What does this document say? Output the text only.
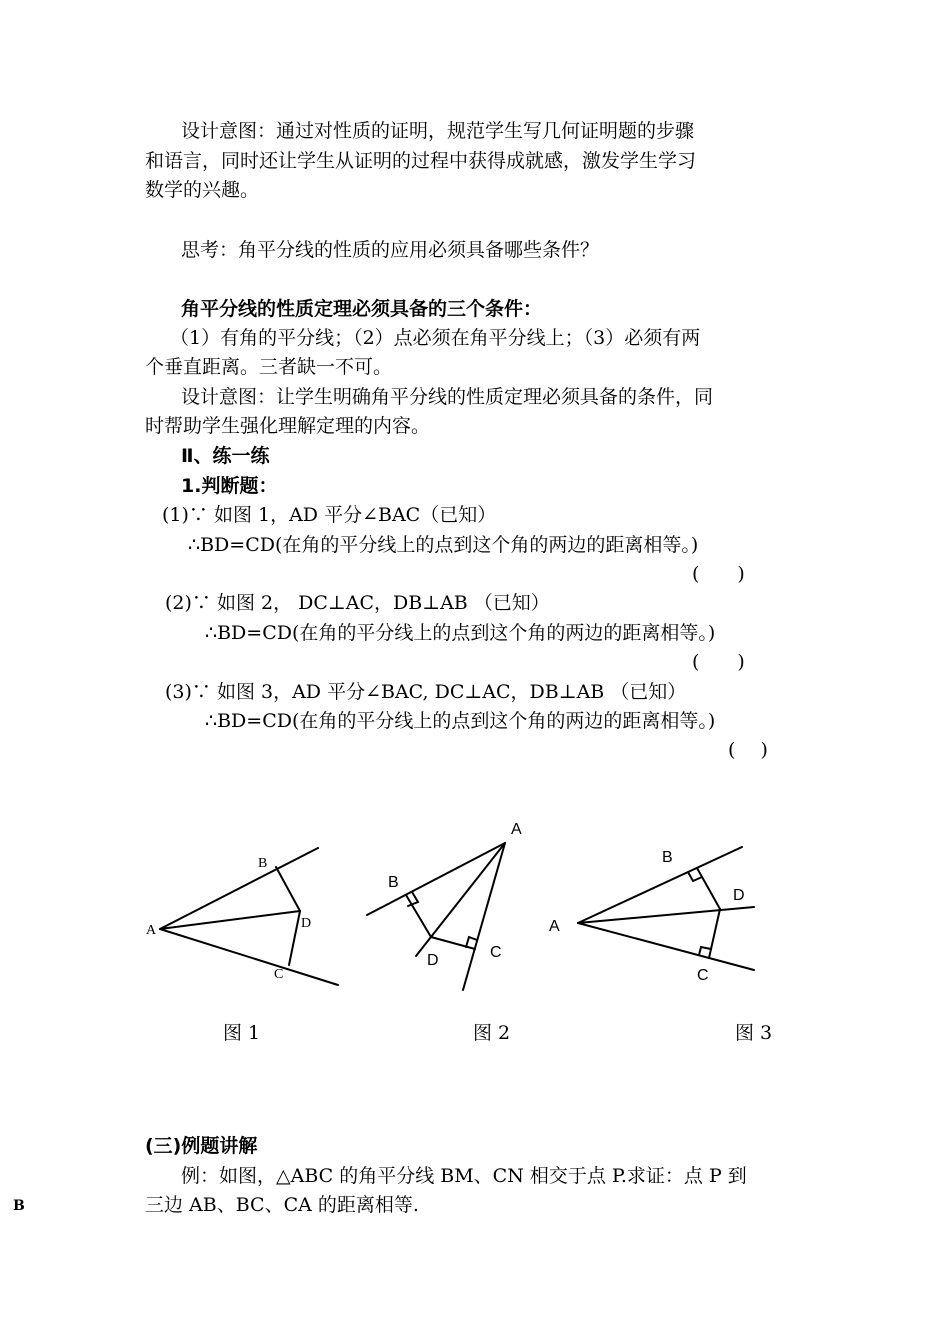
设计意图：通过对性质的证明，规范学生写几何证明题的步骤
和语言，同时还让学生从证明的过程中获得成就感，激发学生学习
数学的兴趣。
思考：角平分线的性质的应用必须具备哪些条件？
角平分线的性质定理必须具备的三个条件：
（1）有角的平分线；（2）点必须在角平分线上；（3）必须有两
个垂直距离。三者缺一不可。
设计意图：让学生明确角平分线的性质定理必须具备的条件，同
时帮助学生强化理解定理的内容。
Ⅱ、练一练
1.判断题：
(1)∵ 如图 1，AD 平分∠BAC（已知）
∴BD=CD(在角的平分线上的点到这个角的两边的距离相等。)
(　　)
(2)∵ 如图 2， DC⊥AC，DB⊥AB （已知）
∴BD=CD(在角的平分线上的点到这个角的两边的距离相等。)
(　　)
(3)∵ 如图 3，AD 平分∠BAC, DC⊥AC，DB⊥AB （已知）
∴BD=CD(在角的平分线上的点到这个角的两边的距离相等。)
(　 )
A
B
C
D
A
B
C
D
A
B
C
D
图 1	图 2	图 3
(三)例题讲解
例：如图，△ABC 的角平分线 BM、CN 相交于点 P.求证：点 P 到
三边 AB、BC、CA 的距离相等.
B
